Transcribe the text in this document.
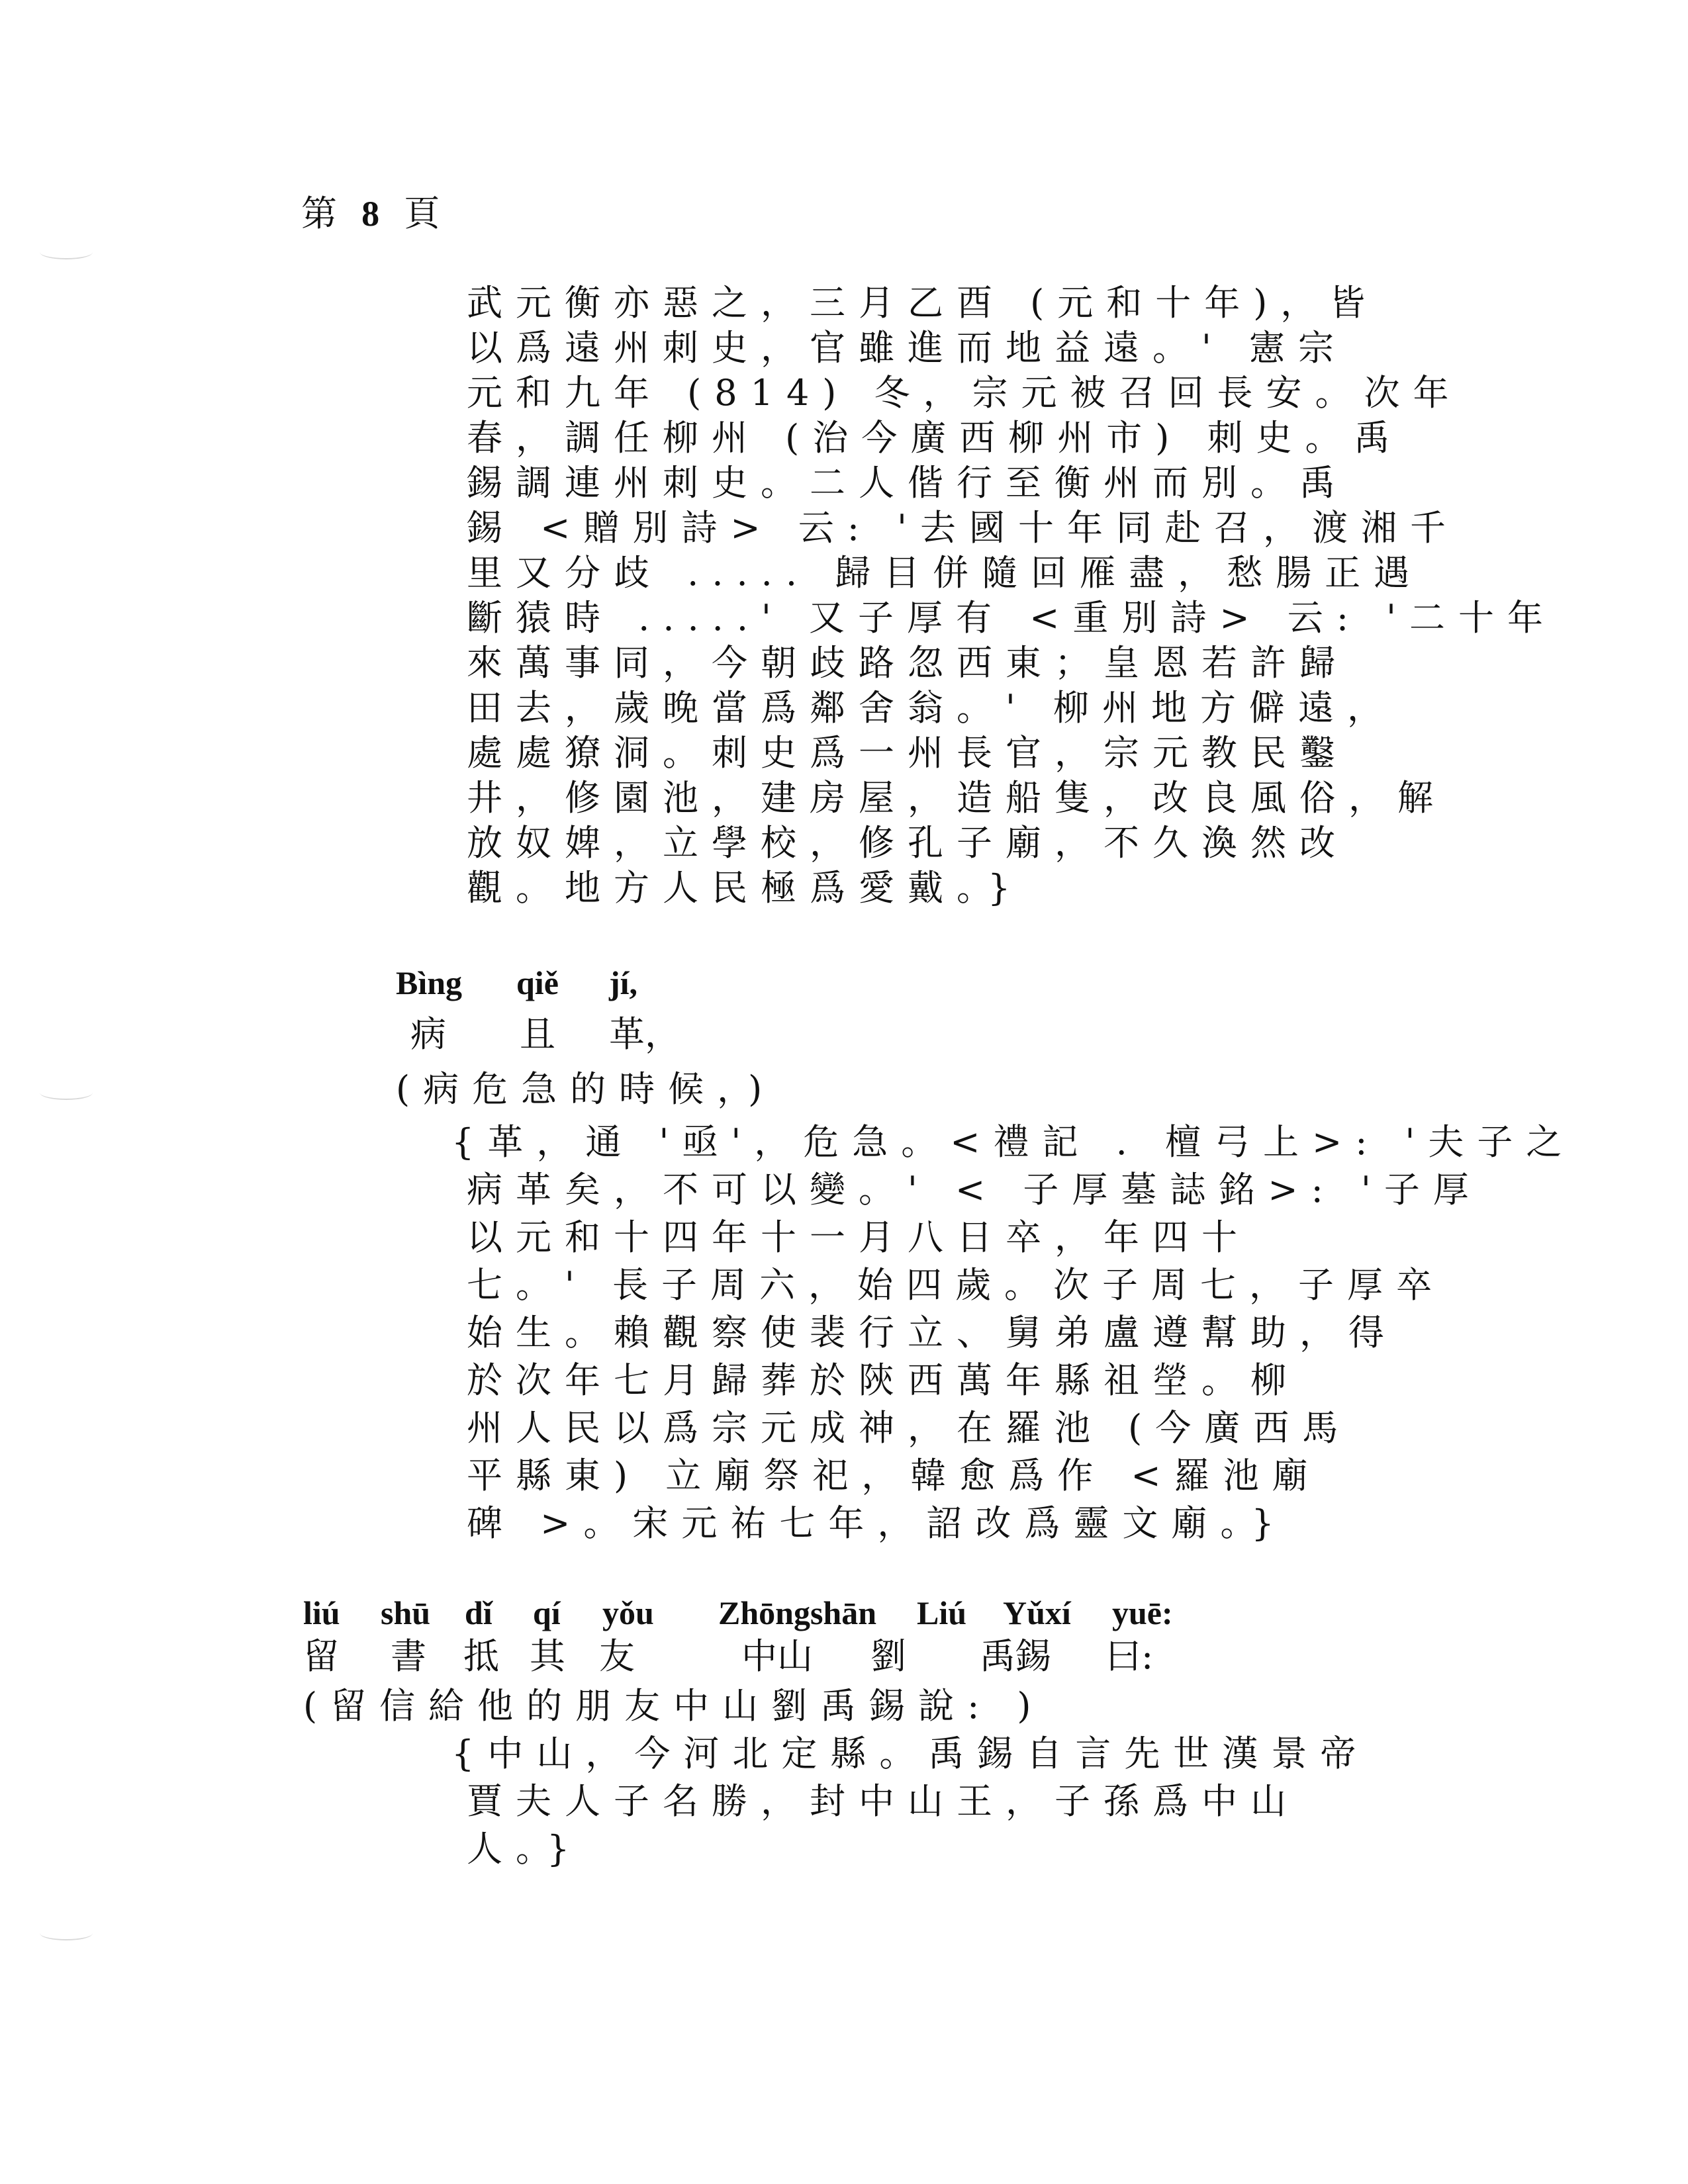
第 8 頁
武元衡亦惡之，三月乙酉 (元和十年)，皆
以爲遠州刺史，官雖進而地益遠。' 憲宗
元和九年 (814) 冬，宗元被召回長安。次年
春，調任柳州 (治今廣西柳州市) 刺史。禹
錫調連州刺史。二人偕行至衡州而別。禹
錫 <贈別詩> 云: '去國十年同赴召，渡湘千
里又分歧 ..... 歸目併隨回雁盡，愁腸正遇
斷猿時 .....' 又子厚有 <重別詩> 云: '二十年
來萬事同，今朝歧路忽西東；皇恩若許歸
田去，歲晚當爲鄰舍翁。' 柳州地方僻遠，
處處獠洞。刺史爲一州長官，宗元教民鑿
井，修園池，建房屋，造船隻，改良風俗，解
放奴婢，立學校，修孔子廟，不久渙然改
觀。地方人民極爲愛戴。}
Bìng qiě jí,
病 且 革，
(病危急的時候，)
{革，通 '亟'，危急。<禮記 . 檀弓上>: '夫子之
病革矣，不可以變。' < 子厚墓誌銘>: '子厚
以元和十四年十一月八日卒，年四十
七。' 長子周六，始四歲。次子周七，子厚卒
始生。賴觀察使裴行立、舅弟盧遵幫助，得
於次年七月歸葬於陝西萬年縣祖塋。柳
州人民以爲宗元成神，在羅池 (今廣西馬
平縣東) 立廟祭祀，韓愈爲作 <羅池廟
碑 >。宋元祐七年，詔改爲靈文廟。}
liú shū dǐ qí yǒu Zhōngshān Liú Yǔxí yuē:
留 書 抵 其 友	中山 劉 禹錫 曰:
(留信給他的朋友中山劉禹錫說: )
{中山，今河北定縣。禹錫自言先世漢景帝
賈夫人子名勝，封中山王，子孫爲中山
人。}
